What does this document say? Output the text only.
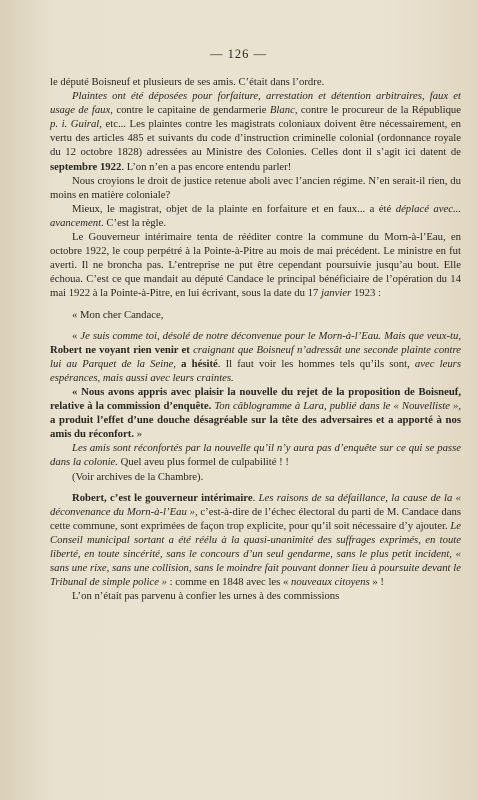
— 126 —
le député Boisneuf et plusieurs de ses amis. C’était dans l’ordre.
Plaintes ont été déposées pour forfaiture, arrestation et détention arbitraires, faux et usage de faux, contre le capitaine de gendarmerie Blanc, contre le procureur de la République p. i. Guiral, etc... Les plaintes contre les magistrats coloniaux doivent être nécessairement, en vertu des articles 485 et suivants du code d’instruction criminelle colonial (ordonnance royale du 12 octobre 1828) adressées au Ministre des Colonies. Celles dont il s’agit ici datent de septembre 1922. L’on n’en a pas encore entendu parler!
Nous croyions le droit de justice retenue aboli avec l’ancien régime. N’en serait-il rien, du moins en matière coloniale?
Mieux, le magistrat, objet de la plainte en forfaiture et en faux... a été déplacé avec... avancement. C’est la règle.
Le Gouverneur intérimaire tenta de rééditer contre la commune du Morn-à-l’Eau, en octobre 1922, le coup perpétré à la Pointe-à-Pitre au mois de mai précédent. Le ministre en fut averti. Il ne broncha pas. L’entreprise ne put être cependant poursuivie jusqu’au bout. Elle échoua. C’est ce que mandait au député Candace le principal bénéficiaire de l’opération du 14 mai 1922 à la Pointe-à-Pitre, en lui écrivant, sous la date du 17 janvier 1923 :
« Mon cher Candace,
« Je suis comme toi, désolé de notre déconvenue pour le Morn-à-l’Eau. Mais que veux-tu, Robert ne voyant rien venir et craignant que Boisneuf n’adressât une seconde plainte contre lui au Parquet de la Seine, a hésité. Il faut voir les hommes tels qu’ils sont, avec leurs espérances, mais aussi avec leurs craintes.
« Nous avons appris avec plaisir la nouvelle du rejet de la proposition de Boisneuf, relative à la commission d’enquête. Ton câblogramme à Lara, publié dans le « Nouvelliste », a produit l’effet d’une douche désagréable sur la tête des adversaires et a apporté à nos amis du réconfort. »
Les amis sont réconfortés par la nouvelle qu’il n’y aura pas d’enquête sur ce qui se passe dans la colonie. Quel aveu plus formel de culpabilité ! !
(Voir archives de la Chambre).
Robert, c’est le gouverneur intérimaire. Les raisons de sa défaillance, la cause de la « déconvenance du Morn-à-l’Eau », c’est-à-dire de l’échec électoral du parti de M. Candace dans cette commune, sont exprimées de façon trop explicite, pour qu’il soit nécessaire d’y ajouter. Le Conseil municipal sortant a été réélu à la quasi-unanimité des suffrages exprimés, en toute liberté, en toute sincérité, sans le concours d’un seul gendarme, sans le plus petit incident, « sans une rixe, sans une collision, sans le moindre fait pouvant donner lieu à poursuite devant le Tribunal de simple police » : comme en 1848 avec les « nouveaux citoyens » !
L’on n’était pas parvenu à confier les urnes à des commissions
